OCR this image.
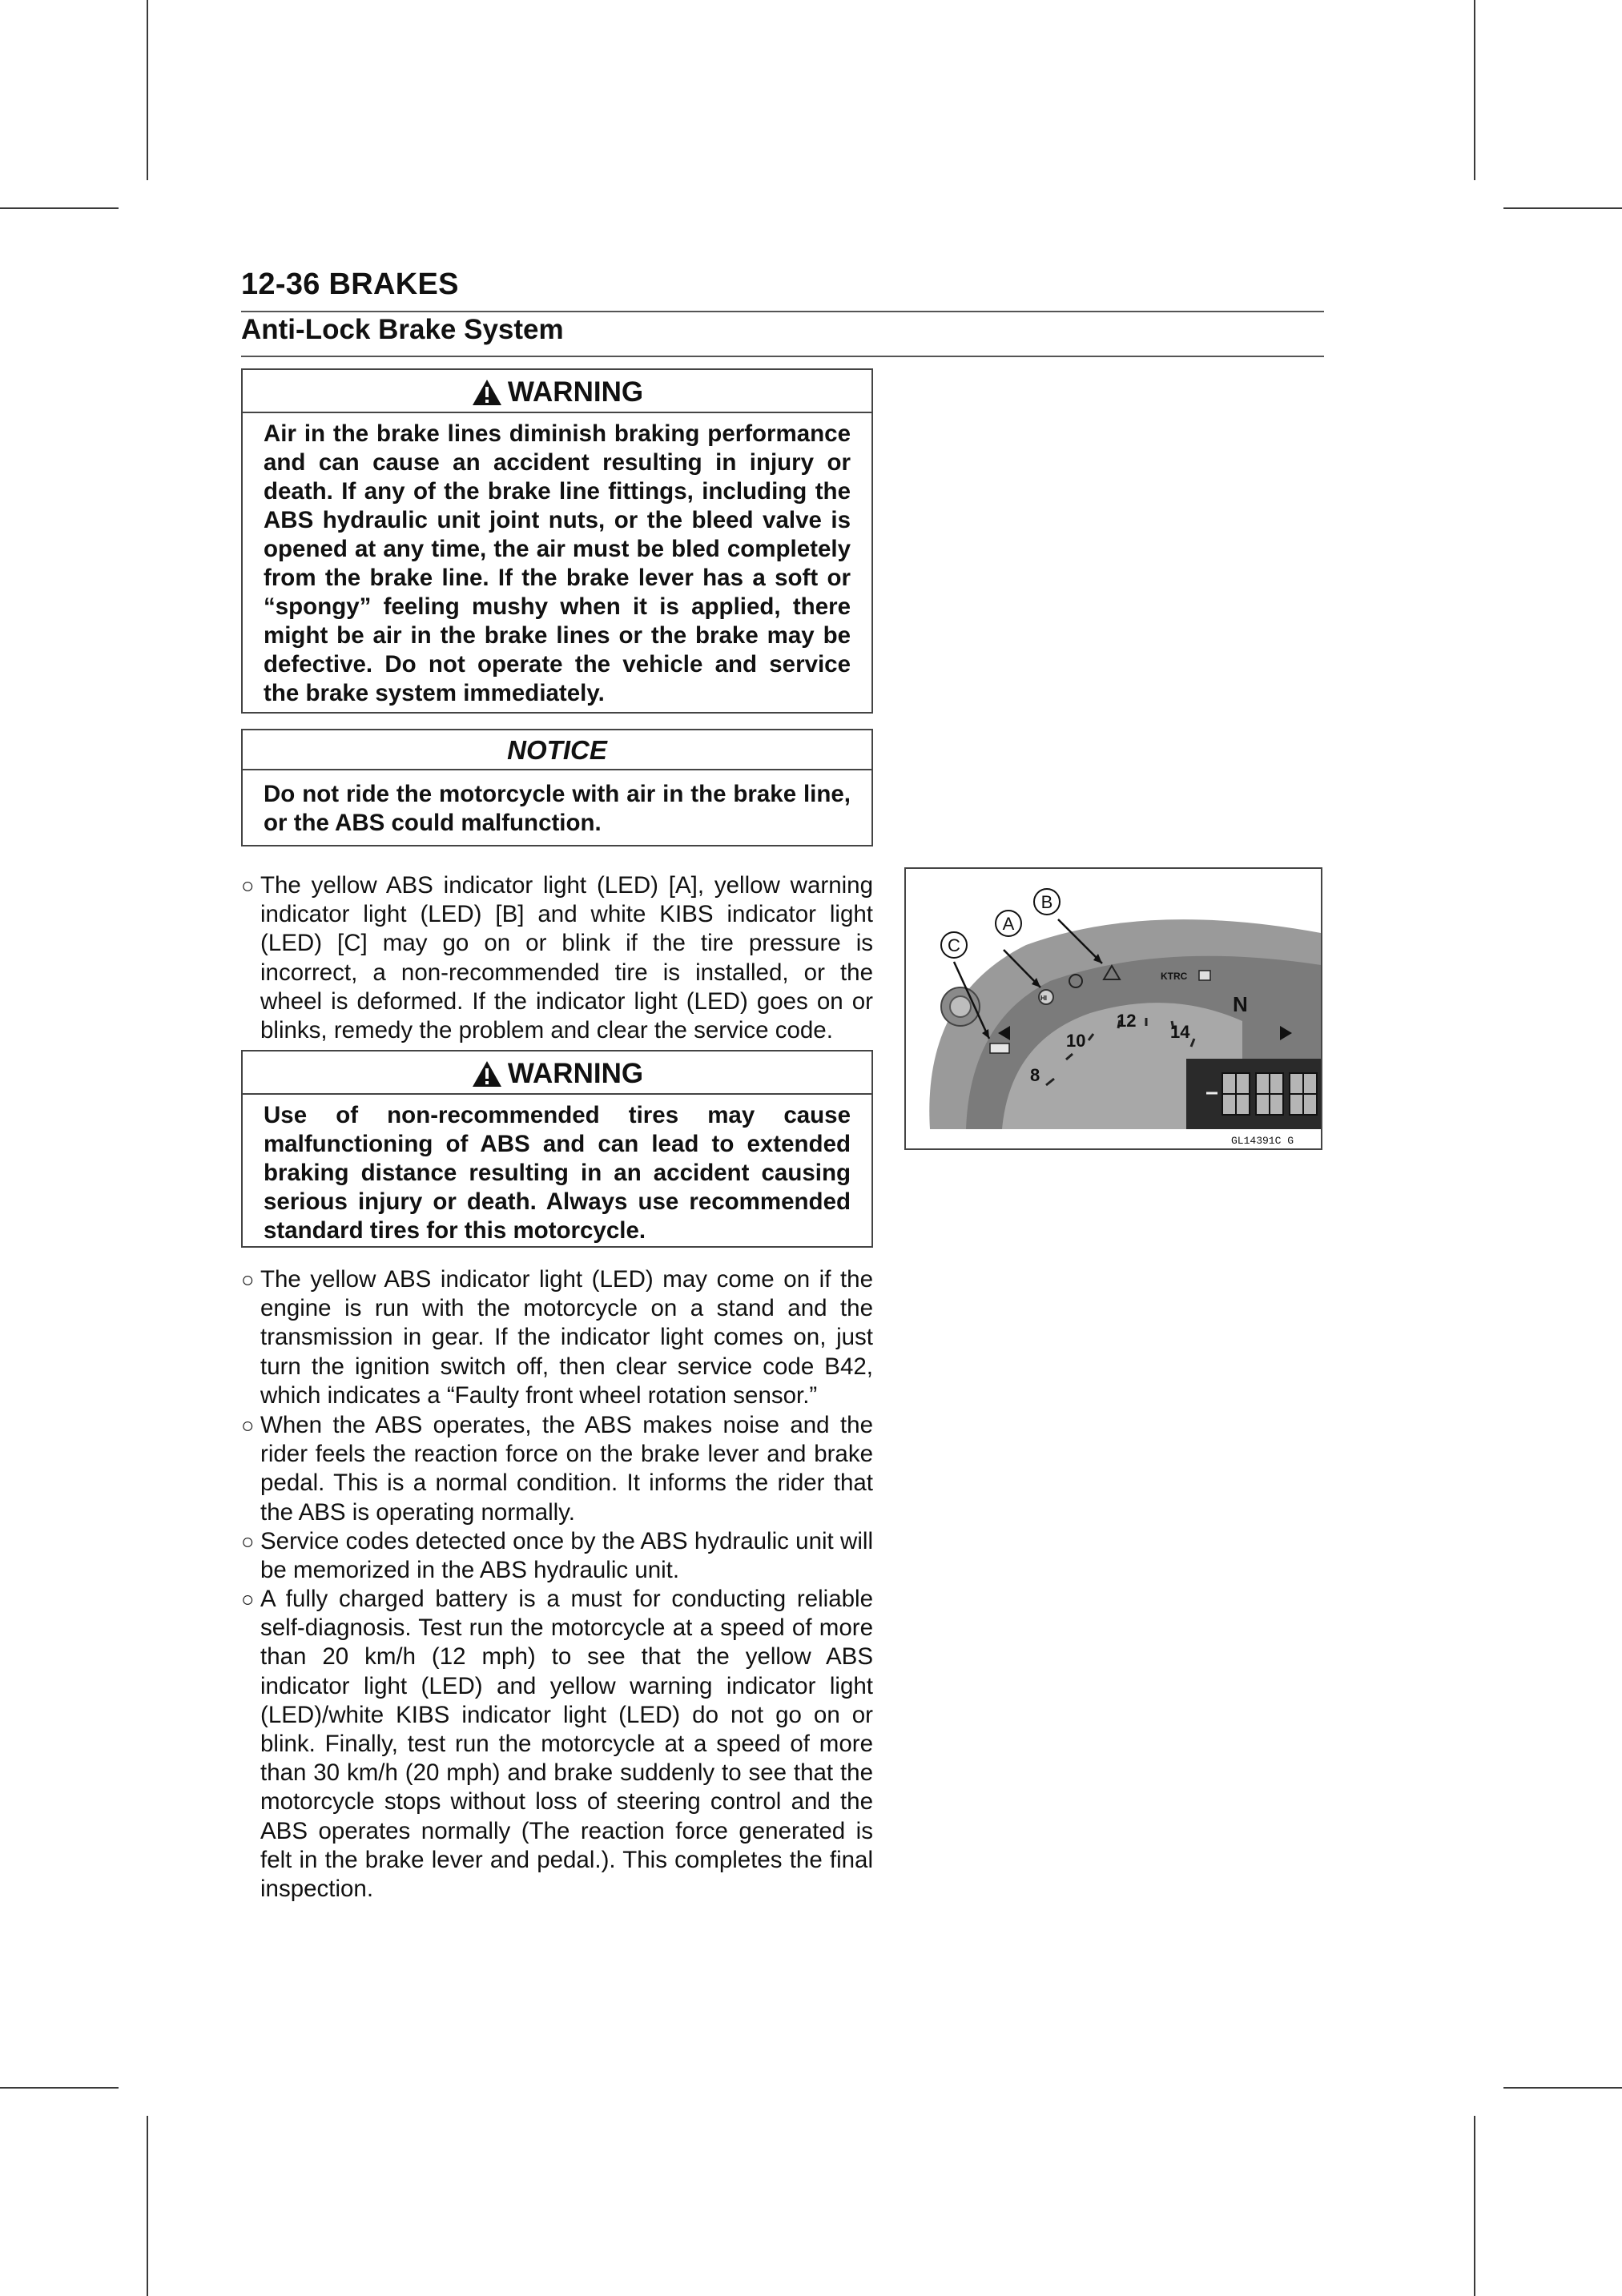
12-36 BRAKES
Anti-Lock Brake System
WARNING
Air in the brake lines diminish braking performance and can cause an accident resulting in injury or death. If any of the brake line fittings, including the ABS hydraulic unit joint nuts, or the bleed valve is opened at any time, the air must be bled completely from the brake line. If the brake lever has a soft or “spongy” feeling mushy when it is applied, there might be air in the brake lines or the brake may be defective. Do not operate the vehicle and service the brake system immediately.
NOTICE
Do not ride the motorcycle with air in the brake line, or the ABS could malfunction.
○ The yellow ABS indicator light (LED) [A], yellow warning indicator light (LED) [B] and white KIBS indicator light (LED) [C] may go on or blink if the tire pressure is incorrect, a non-recommended tire is installed, or the wheel is deformed. If the indicator light (LED) goes on or blinks, remedy the problem and clear the service code.
WARNING
Use of non-recommended tires may cause malfunctioning of ABS and can lead to extended braking distance resulting in an accident causing serious injury or death. Always use recommended standard tires for this motorcycle.
○ The yellow ABS indicator light (LED) may come on if the engine is run with the motorcycle on a stand and the transmission in gear. If the indicator light comes on, just turn the ignition switch off, then clear service code B42, which indicates a “Faulty front wheel rotation sensor.”
○ When the ABS operates, the ABS makes noise and the rider feels the reaction force on the brake lever and brake pedal. This is a normal condition. It informs the rider that the ABS is operating normally.
○ Service codes detected once by the ABS hydraulic unit will be memorized in the ABS hydraulic unit.
○ A fully charged battery is a must for conducting reliable self-diagnosis. Test run the motorcycle at a speed of more than 20 km/h (12 mph) to see that the yellow ABS indicator light (LED) and yellow warning indicator light (LED)/white KIBS indicator light (LED) do not go on or blink. Finally, test run the motorcycle at a speed of more than 30 km/h (20 mph) and brake suddenly to see that the motorcycle stops without loss of steering control and the ABS operates normally (The reaction force generated is felt in the brake lever and pedal.). This completes the final inspection.
8
10
12
14
HI
KTRC
N
GL14391C G
A
B
C
